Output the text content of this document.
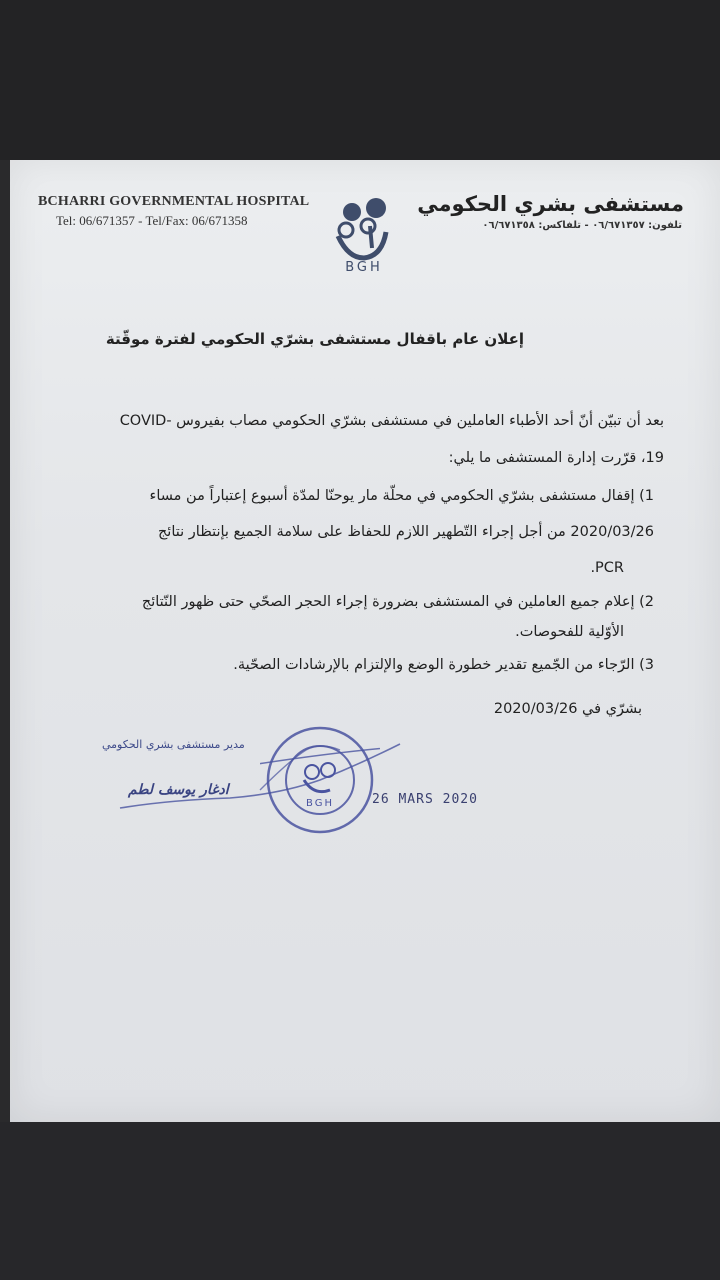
BCHARRI GOVERNMENTAL HOSPITAL
Tel: 06/671357 - Tel/Fax: 06/671358
مستشفى بشري الحكومي
تلفون: ٠٦/٦٧١٣٥٧ - تلفاكس: ٠٦/٦٧١٣٥٨
BGH
إعلان عام باقفال مستشفى بشرّي الحكومي لفترة موقّتة
بعد أن تبيّن أنّ أحد الأطباء العاملين في مستشفى بشرّي الحكومي مصاب بفيروس -COVID
19، قرّرت إدارة المستشفى ما يلي:
1) إقفال مستشفى بشرّي الحكومي في محلّة مار يوحنّا لمدّة أسبوع إعتباراً من مساء
2020/03/26 من أجل إجراء التّطهير اللازم للحفاظ على سلامة الجميع بإنتظار نتائج
PCR.
2) إعلام جميع العاملين في المستشفى بضرورة إجراء الحجر الصحّي حتى ظهور النّتائج
الأوّلية للفحوصات.
3) الرّجاء من الجّميع تقدير خطورة الوضع والإلتزام بالإرشادات الصحّية.
بشرّي في 2020/03/26
مدير مستشفى بشري الحكومي
BGH
ادغار يوسف لطم
26 MARS 2020
